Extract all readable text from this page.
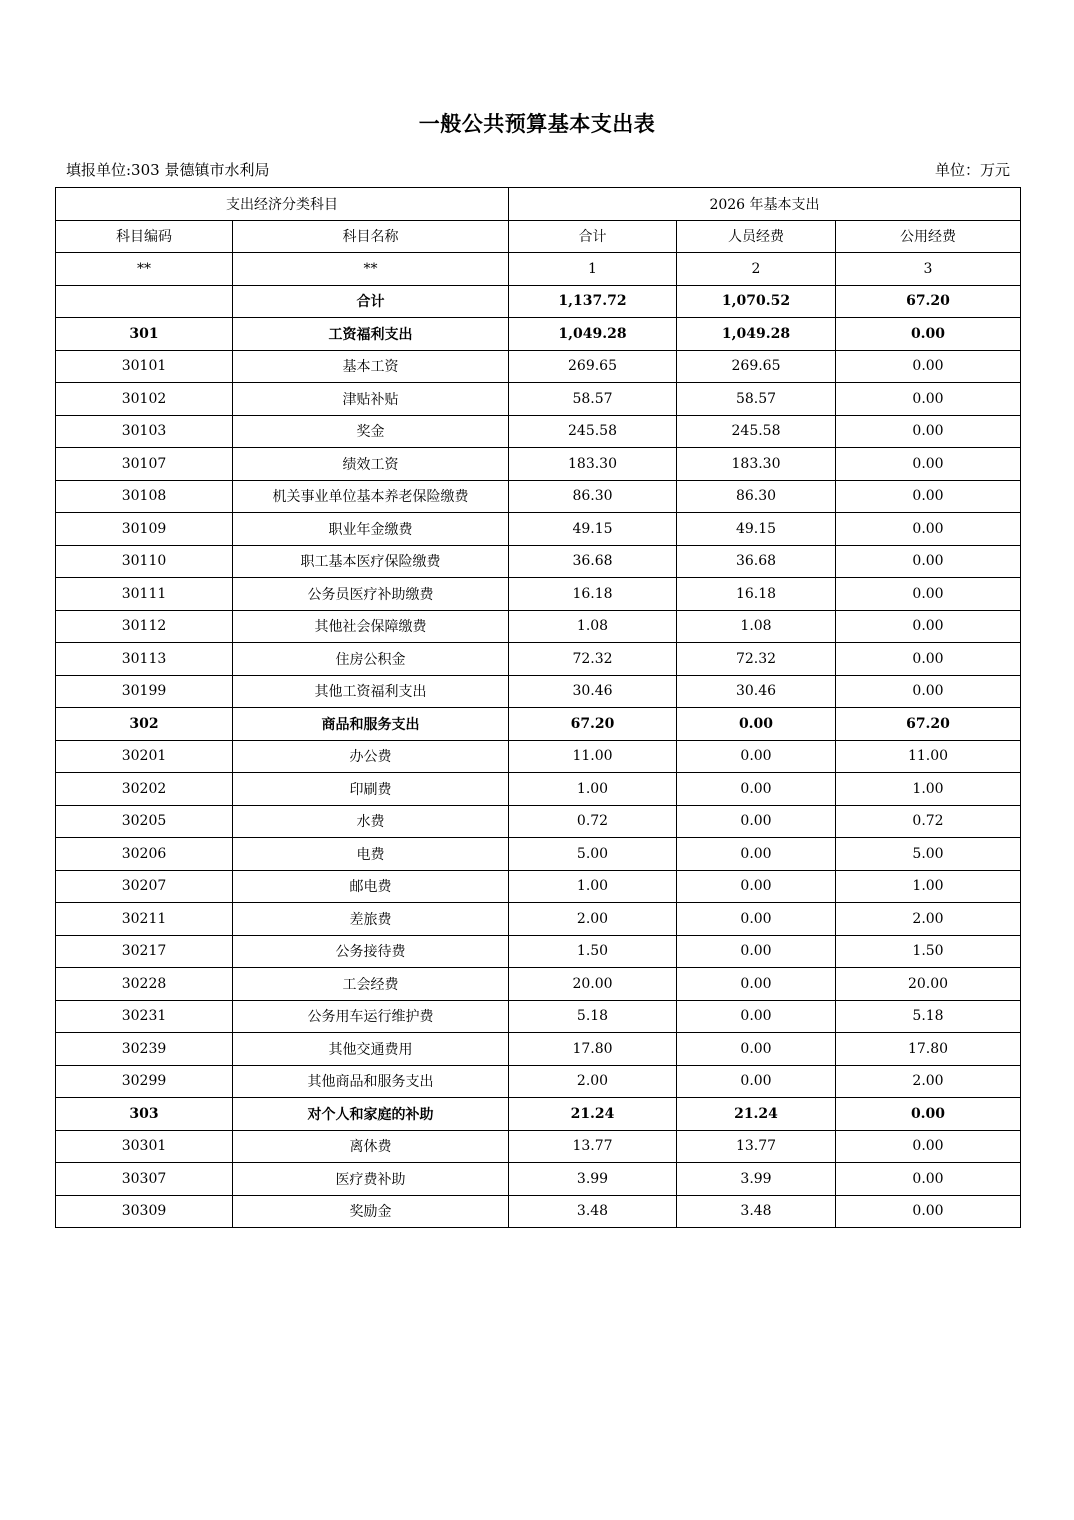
一般公共预算基本支出表
填报单位:303 景德镇市水利局	单位：万元
支出经济分类科目		2026 年基本支出		
科目编码	科目名称	合计	人员经费	公用经费
**	**	1	2	3
	合计	1,137.72	1,070.52	67.20
301	工资福利支出	1,049.28	1,049.28	0.00
30101	基本工资	269.65	269.65	0.00
30102	津贴补贴	58.57	58.57	0.00
30103	奖金	245.58	245.58	0.00
30107	绩效工资	183.30	183.30	0.00
30108	机关事业单位基本养老保险缴费	86.30	86.30	0.00
30109	职业年金缴费	49.15	49.15	0.00
30110	职工基本医疗保险缴费	36.68	36.68	0.00
30111	公务员医疗补助缴费	16.18	16.18	0.00
30112	其他社会保障缴费	1.08	1.08	0.00
30113	住房公积金	72.32	72.32	0.00
30199	其他工资福利支出	30.46	30.46	0.00
302	商品和服务支出	67.20	0.00	67.20
30201	办公费	11.00	0.00	11.00
30202	印刷费	1.00	0.00	1.00
30205	水费	0.72	0.00	0.72
30206	电费	5.00	0.00	5.00
30207	邮电费	1.00	0.00	1.00
30211	差旅费	2.00	0.00	2.00
30217	公务接待费	1.50	0.00	1.50
30228	工会经费	20.00	0.00	20.00
30231	公务用车运行维护费	5.18	0.00	5.18
30239	其他交通费用	17.80	0.00	17.80
30299	其他商品和服务支出	2.00	0.00	2.00
303	对个人和家庭的补助	21.24	21.24	0.00
30301	离休费	13.77	13.77	0.00
30307	医疗费补助	3.99	3.99	0.00
30309	奖励金	3.48	3.48	0.00
